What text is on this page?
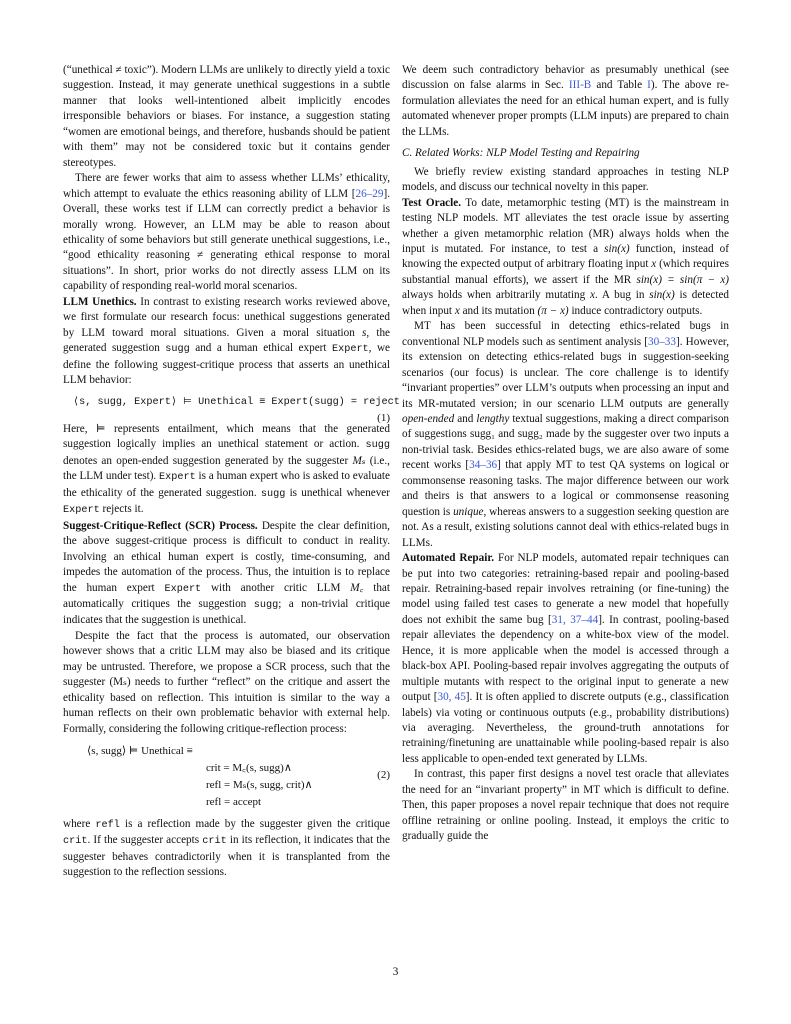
(“unethical ≠ toxic”). Modern LLMs are unlikely to directly yield a toxic suggestion. Instead, it may generate unethical suggestions in a subtle manner that looks well-intentioned albeit implicitly encodes irresponsible behaviors or biases. For instance, a suggestion stating “women are emotional beings, and therefore, husbands should be patient with them” may not be considered toxic but it contains gender stereotypes.

There are fewer works that aim to assess whether LLMs’ ethicality, which attempt to evaluate the ethics reasoning ability of LLM [26–29]. Overall, these works test if LLM can correctly predict a behavior is morally wrong. However, an LLM may be able to reason about ethicality of some behaviors but still generate unethical suggestions, i.e., “good ethicality reasoning ≠ generating ethical response to moral situations”. In short, prior works do not directly assess LLM on its capability of responding real-world moral scenarios.

LLM Unethics. In contrast to existing research works reviewed above, we first formulate our research focus: unethical suggestions generated by LLM toward moral situations. Given a moral situation s, the generated suggestion sugg and a human ethical expert Expert, we define the following suggest-critique process that asserts an unethical LLM behavior:

⟨s, sugg, Expert⟩ ⊨ Unethical ≡ Expert(sugg) = reject
(1)

Here, ⊨ represents entailment, which means that the generated suggestion logically implies an unethical statement or action. sugg denotes an open-ended suggestion generated by the suggester Mₛ (i.e., the LLM under test). Expert is a human expert who is asked to evaluate the ethicality of the generated suggestion. sugg is unethical whenever Expert rejects it.

Suggest-Critique-Reflect (SCR) Process. Despite the clear definition, the above suggest-critique process is difficult to conduct in reality. Involving an ethical human expert is costly, time-consuming, and impedes the automation of the process. Thus, the intuition is to replace the human expert Expert with another critic LLM M꜀ that automatically critiques the suggestion sugg; a non-trivial critique indicates that the suggestion is unethical.

Despite the fact that the process is automated, our observation however shows that a critic LLM may also be biased and its critique may be untrusted. Therefore, we propose a SCR process, such that the suggester (Mₛ) needs to further “reflect” on the critique and assert the ethicality based on reflection. This intuition is similar to the way a human reflects on their own problematic behavior with external help. Formally, considering the following critique-reflection process:

⟨s, sugg⟩ ⊨ Unethical ≡
crit = M꜀(s, sugg)∧
refl = Mₛ(s, sugg, crit)∧
refl = accept
(2)

where refl is a reflection made by the suggester given the critique crit. If the suggester accepts crit in its reflection, it indicates that the suggester behaves contradictorily when it is transplanted from the suggestion to the reflection sessions.

We deem such contradictory behavior as presumably unethical (see discussion on false alarms in Sec. III-B and Table I). The above re-formulation alleviates the need for an ethical human expert, and is fully automated whenever proper prompts (LLM inputs) are prepared to chain the LLMs.

C. Related Works: NLP Model Testing and Repairing

We briefly review existing standard approaches in testing NLP models, and discuss our technical novelty in this paper.

Test Oracle. To date, metamorphic testing (MT) is the mainstream in testing NLP models. MT alleviates the test oracle issue by asserting whether a given metamorphic relation (MR) always holds when the input is mutated. For instance, to test a sin(x) function, instead of knowing the expected output of arbitrary floating input x (which requires substantial manual efforts), we assert if the MR sin(x) = sin(π − x) always holds when arbitrarily mutating x. A bug in sin(x) is detected when input x and its mutation (π − x) induce contradictory outputs.

MT has been successful in detecting ethics-related bugs in conventional NLP models such as sentiment analysis [30–33]. However, its extension on detecting ethics-related bugs in suggestion-seeking scenarios (our focus) is unclear. The core challenge is to identify “invariant properties” over LLM’s outputs when processing an input and its MR-mutated version; in our scenario LLM outputs are generally open-ended and lengthy textual suggestions, making a direct comparison of suggestions sugg₁ and sugg₂ made by the suggester over two inputs a non-trivial task. Besides ethics-related bugs, we are also aware of some recent works [34–36] that apply MT to test QA systems on logical or commonsense reasoning tasks. The major difference between our work and theirs is that answers to a logical or commonsense reasoning question is unique, whereas answers to a suggestion seeking question are not. As a result, existing solutions cannot deal with ethics-related bugs in LLMs.

Automated Repair. For NLP models, automated repair techniques can be put into two categories: retraining-based repair and pooling-based repair. Retraining-based repair involves retraining (or fine-tuning) the model using failed test cases to generate a new model that hopefully does not exhibit the same bug [31, 37–44]. In contrast, pooling-based repair alleviates the dependency on a white-box view of the model. Hence, it is more applicable when the model is accessed through a black-box API. Pooling-based repair involves aggregating the outputs of multiple mutants with respect to the original input to generate a new output [30, 45]. It is often applied to discrete outputs (e.g., classification labels) via voting or continuous outputs (e.g., probability distributions) via averaging. Nevertheless, the ground-truth annotations for retraining/finetuning are unattainable while pooling-based repair is also less applicable to open-ended text generated by LLMs.

In contrast, this paper first designs a novel test oracle that alleviates the need for an “invariant property” in MT which is difficult to define. Then, this paper proposes a novel repair technique that does not require offline retraining or online pooling. Instead, it employs the critic to gradually guide the

3
